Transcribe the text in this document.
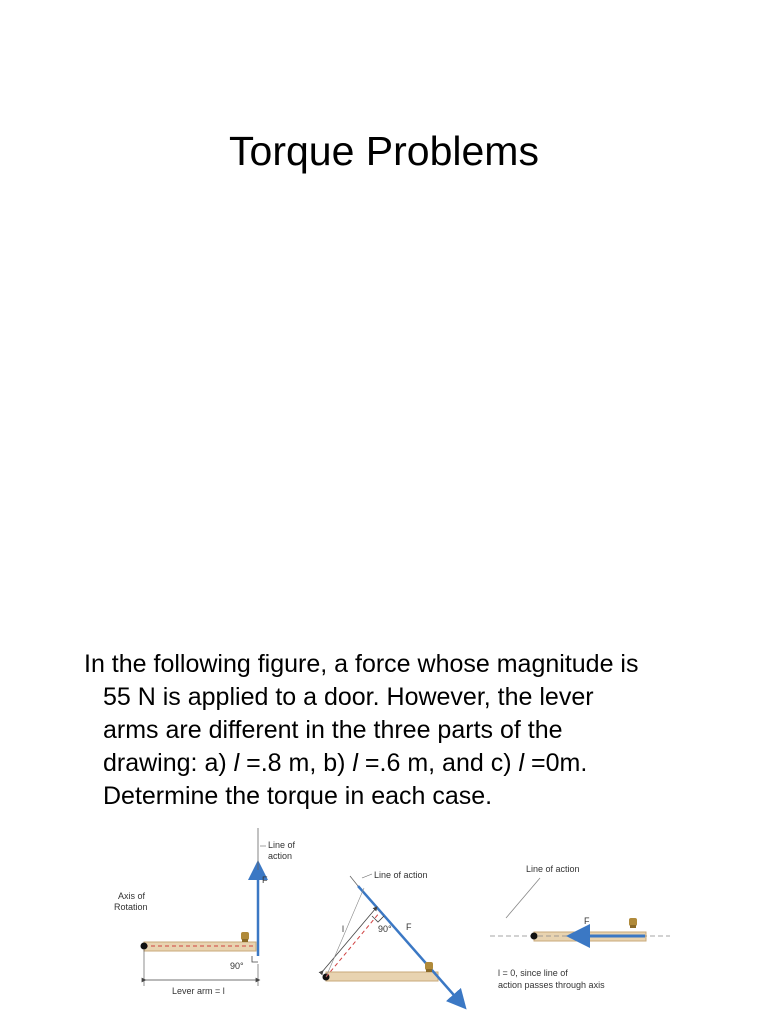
Torque Problems
In the following figure, a force whose magnitude is
55 N is applied to a door. However, the lever
arms are different in the three parts of the
drawing: a) l =.8 m, b) l =.6 m, and c) l =0m.
Determine the torque in each case.
Line of
action
F
Axis of
Rotation
90°
Lever arm = l
Line of action
F
l	90°
Line of action
F
l = 0, since line of
action passes through axis
